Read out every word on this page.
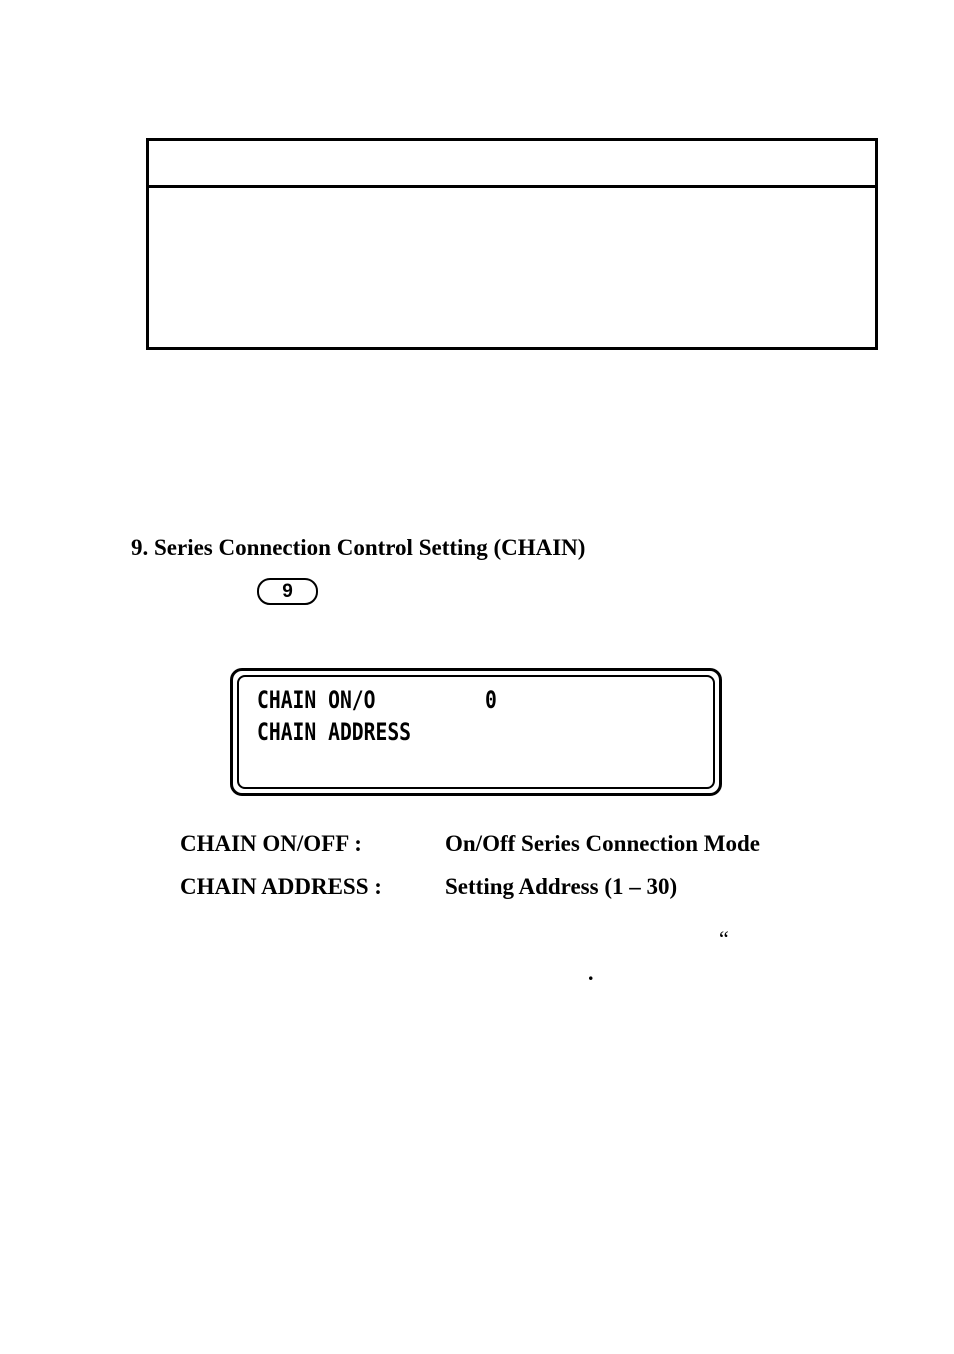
9. Series Connection Control Setting (CHAIN)
9
CHAIN ON/O	0
CHAIN ADDRESS
CHAIN ON/OFF :	On/Off Series Connection Mode
CHAIN ADDRESS :	Setting Address (1 – 30)
“
.
